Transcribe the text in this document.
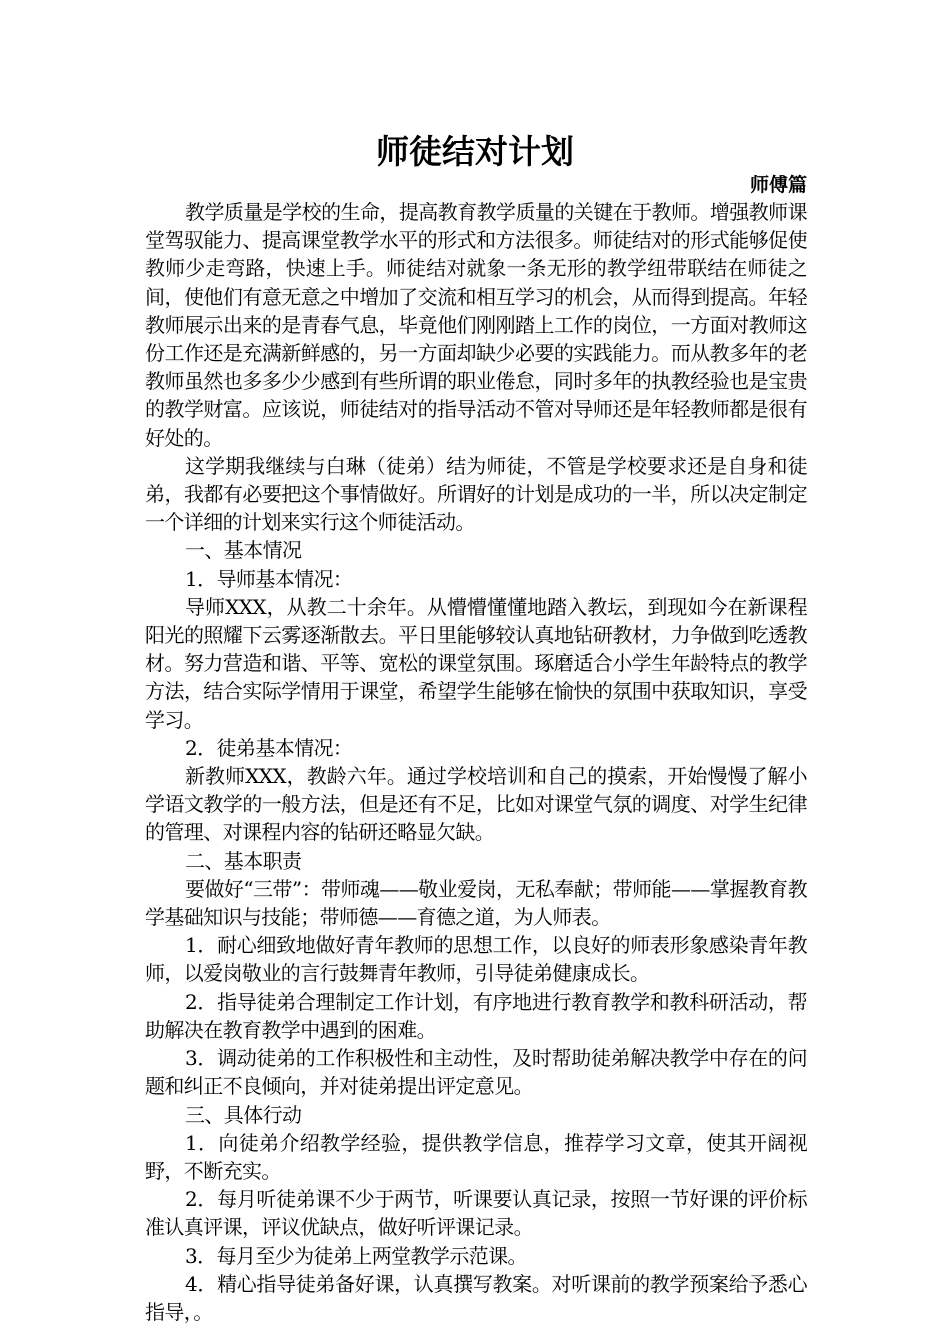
师徒结对计划
师傅篇

教学质量是学校的生命，提高教育教学质量的关键在于教师。增强教师课堂驾驭能力、提高课堂教学水平的形式和方法很多。师徒结对的形式能够促使教师少走弯路，快速上手。师徒结对就象一条无形的教学纽带联结在师徒之间，使他们有意无意之中增加了交流和相互学习的机会，从而得到提高。年轻教师展示出来的是青春气息，毕竟他们刚刚踏上工作的岗位，一方面对教师这份工作还是充满新鲜感的，另一方面却缺少必要的实践能力。而从教多年的老教师虽然也多多少少感到有些所谓的职业倦怠，同时多年的执教经验也是宝贵的教学财富。应该说，师徒结对的指导活动不管对导师还是年轻教师都是很有好处的。

这学期我继续与白琳（徒弟）结为师徒，不管是学校要求还是自身和徒弟，我都有必要把这个事情做好。所谓好的计划是成功的一半，所以决定制定一个详细的计划来实行这个师徒活动。

一、基本情况

1．导师基本情况：

导师XXX，从教二十余年。从懵懵懂懂地踏入教坛，到现如今在新课程阳光的照耀下云雾逐渐散去。平日里能够较认真地钻研教材，力争做到吃透教材。努力营造和谐、平等、宽松的课堂氛围。琢磨适合小学生年龄特点的教学方法，结合实际学情用于课堂，希望学生能够在愉快的氛围中获取知识，享受学习。

2．徒弟基本情况：

新教师XXX，教龄六年。通过学校培训和自己的摸索，开始慢慢了解小学语文教学的一般方法，但是还有不足，比如对课堂气氛的调度、对学生纪律的管理、对课程内容的钻研还略显欠缺。

二、基本职责

要做好“三带”：带师魂——敬业爱岗，无私奉献；带师能——掌握教育教学基础知识与技能；带师德——育德之道，为人师表。

1．耐心细致地做好青年教师的思想工作，以良好的师表形象感染青年教师，以爱岗敬业的言行鼓舞青年教师，引导徒弟健康成长。

2．指导徒弟合理制定工作计划，有序地进行教育教学和教科研活动，帮助解决在教育教学中遇到的困难。

3．调动徒弟的工作积极性和主动性，及时帮助徒弟解决教学中存在的问题和纠正不良倾向，并对徒弟提出评定意见。

三、具体行动

1．向徒弟介绍教学经验，提供教学信息，推荐学习文章，使其开阔视野，不断充实。

2．每月听徒弟课不少于两节，听课要认真记录，按照一节好课的评价标准认真评课，评议优缺点，做好听评课记录。

3．每月至少为徒弟上两堂教学示范课。

4．精心指导徒弟备好课，认真撰写教案。对听课前的教学预案给予悉心指导，。
